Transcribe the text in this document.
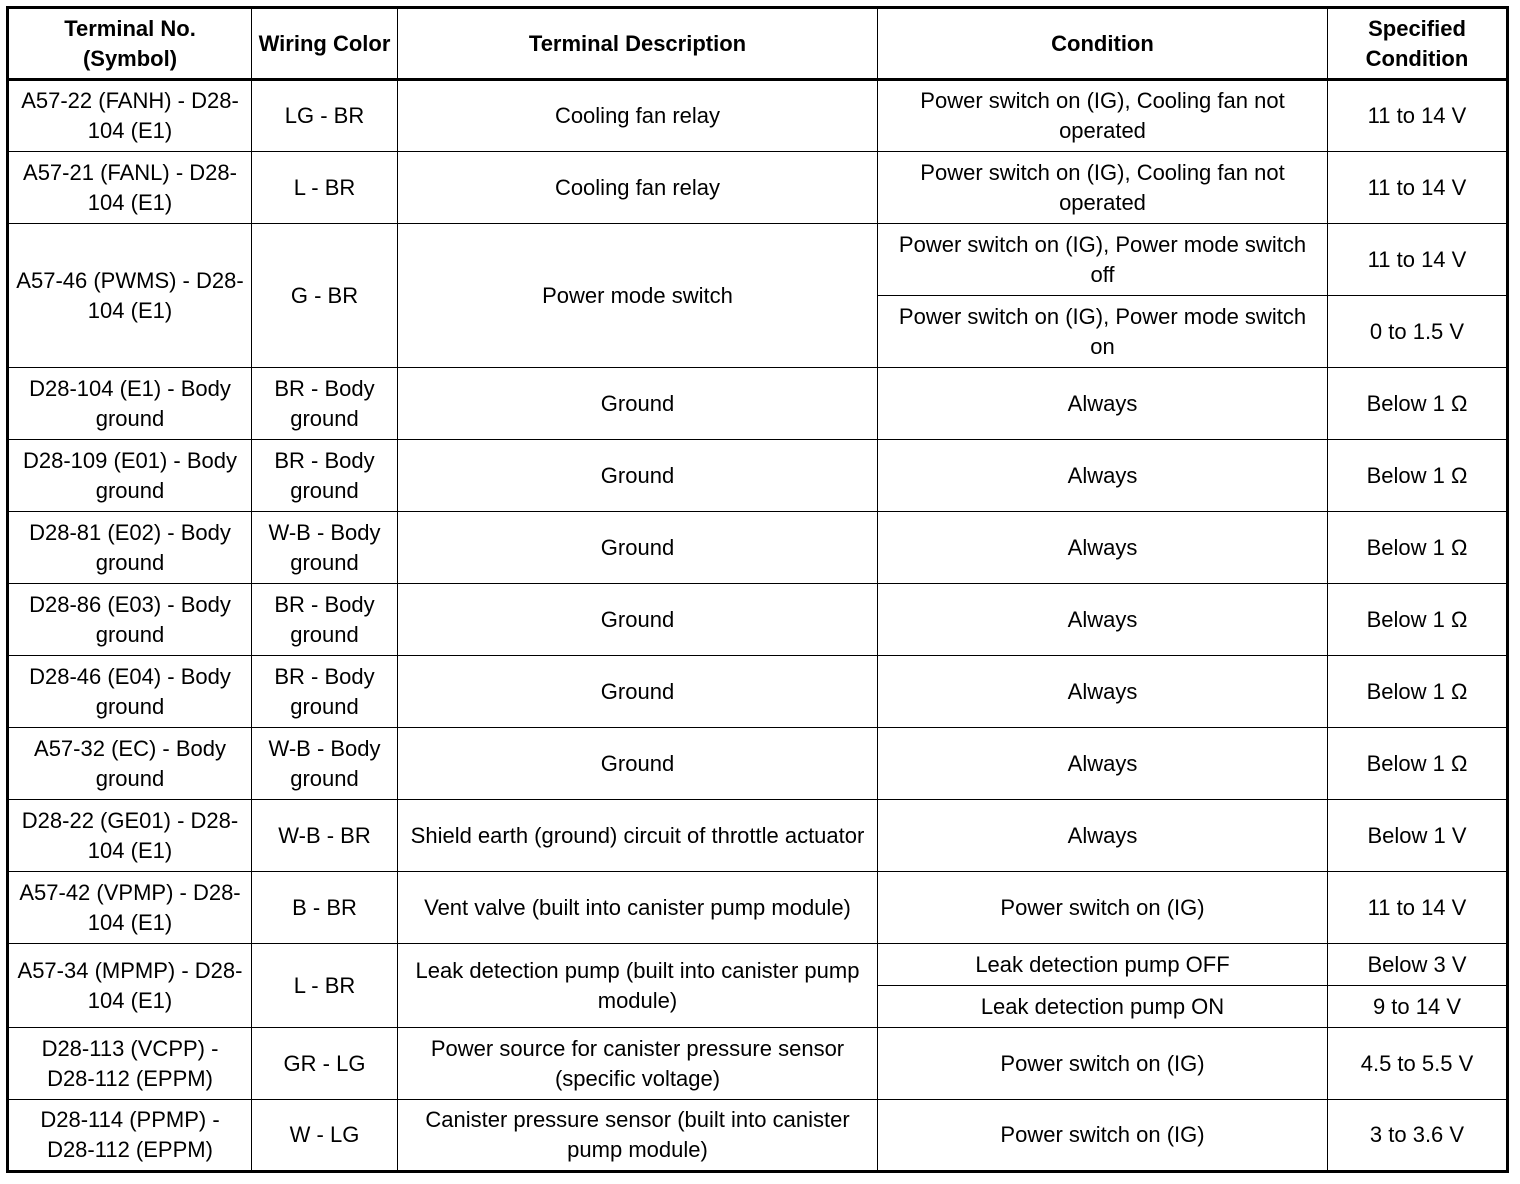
Terminal No. (Symbol)	Wiring Color	Terminal Description	Condition	Specified Condition
A57-22 (FANH) - D28-104 (E1)	LG - BR	Cooling fan relay	Power switch on (IG), Cooling fan not operated	11 to 14 V
A57-21 (FANL) - D28-104 (E1)	L - BR	Cooling fan relay	Power switch on (IG), Cooling fan not operated	11 to 14 V
A57-46 (PWMS) - D28-104 (E1)	G - BR	Power mode switch	Power switch on (IG), Power mode switch off	11 to 14 V
			Power switch on (IG), Power mode switch on	0 to 1.5 V
D28-104 (E1) - Body ground	BR - Body ground	Ground	Always	Below 1 Ω
D28-109 (E01) - Body ground	BR - Body ground	Ground	Always	Below 1 Ω
D28-81 (E02) - Body ground	W-B - Body ground	Ground	Always	Below 1 Ω
D28-86 (E03) - Body ground	BR - Body ground	Ground	Always	Below 1 Ω
D28-46 (E04) - Body ground	BR - Body ground	Ground	Always	Below 1 Ω
A57-32 (EC) - Body ground	W-B - Body ground	Ground	Always	Below 1 Ω
D28-22 (GE01) - D28-104 (E1)	W-B - BR	Shield earth (ground) circuit of throttle actuator	Always	Below 1 V
A57-42 (VPMP) - D28-104 (E1)	B - BR	Vent valve (built into canister pump module)	Power switch on (IG)	11 to 14 V
A57-34 (MPMP) - D28-104 (E1)	L - BR	Leak detection pump (built into canister pump module)	Leak detection pump OFF	Below 3 V
			Leak detection pump ON	9 to 14 V
D28-113 (VCPP) - D28-112 (EPPM)	GR - LG	Power source for canister pressure sensor (specific voltage)	Power switch on (IG)	4.5 to 5.5 V
D28-114 (PPMP) - D28-112 (EPPM)	W - LG	Canister pressure sensor (built into canister pump module)	Power switch on (IG)	3 to 3.6 V
